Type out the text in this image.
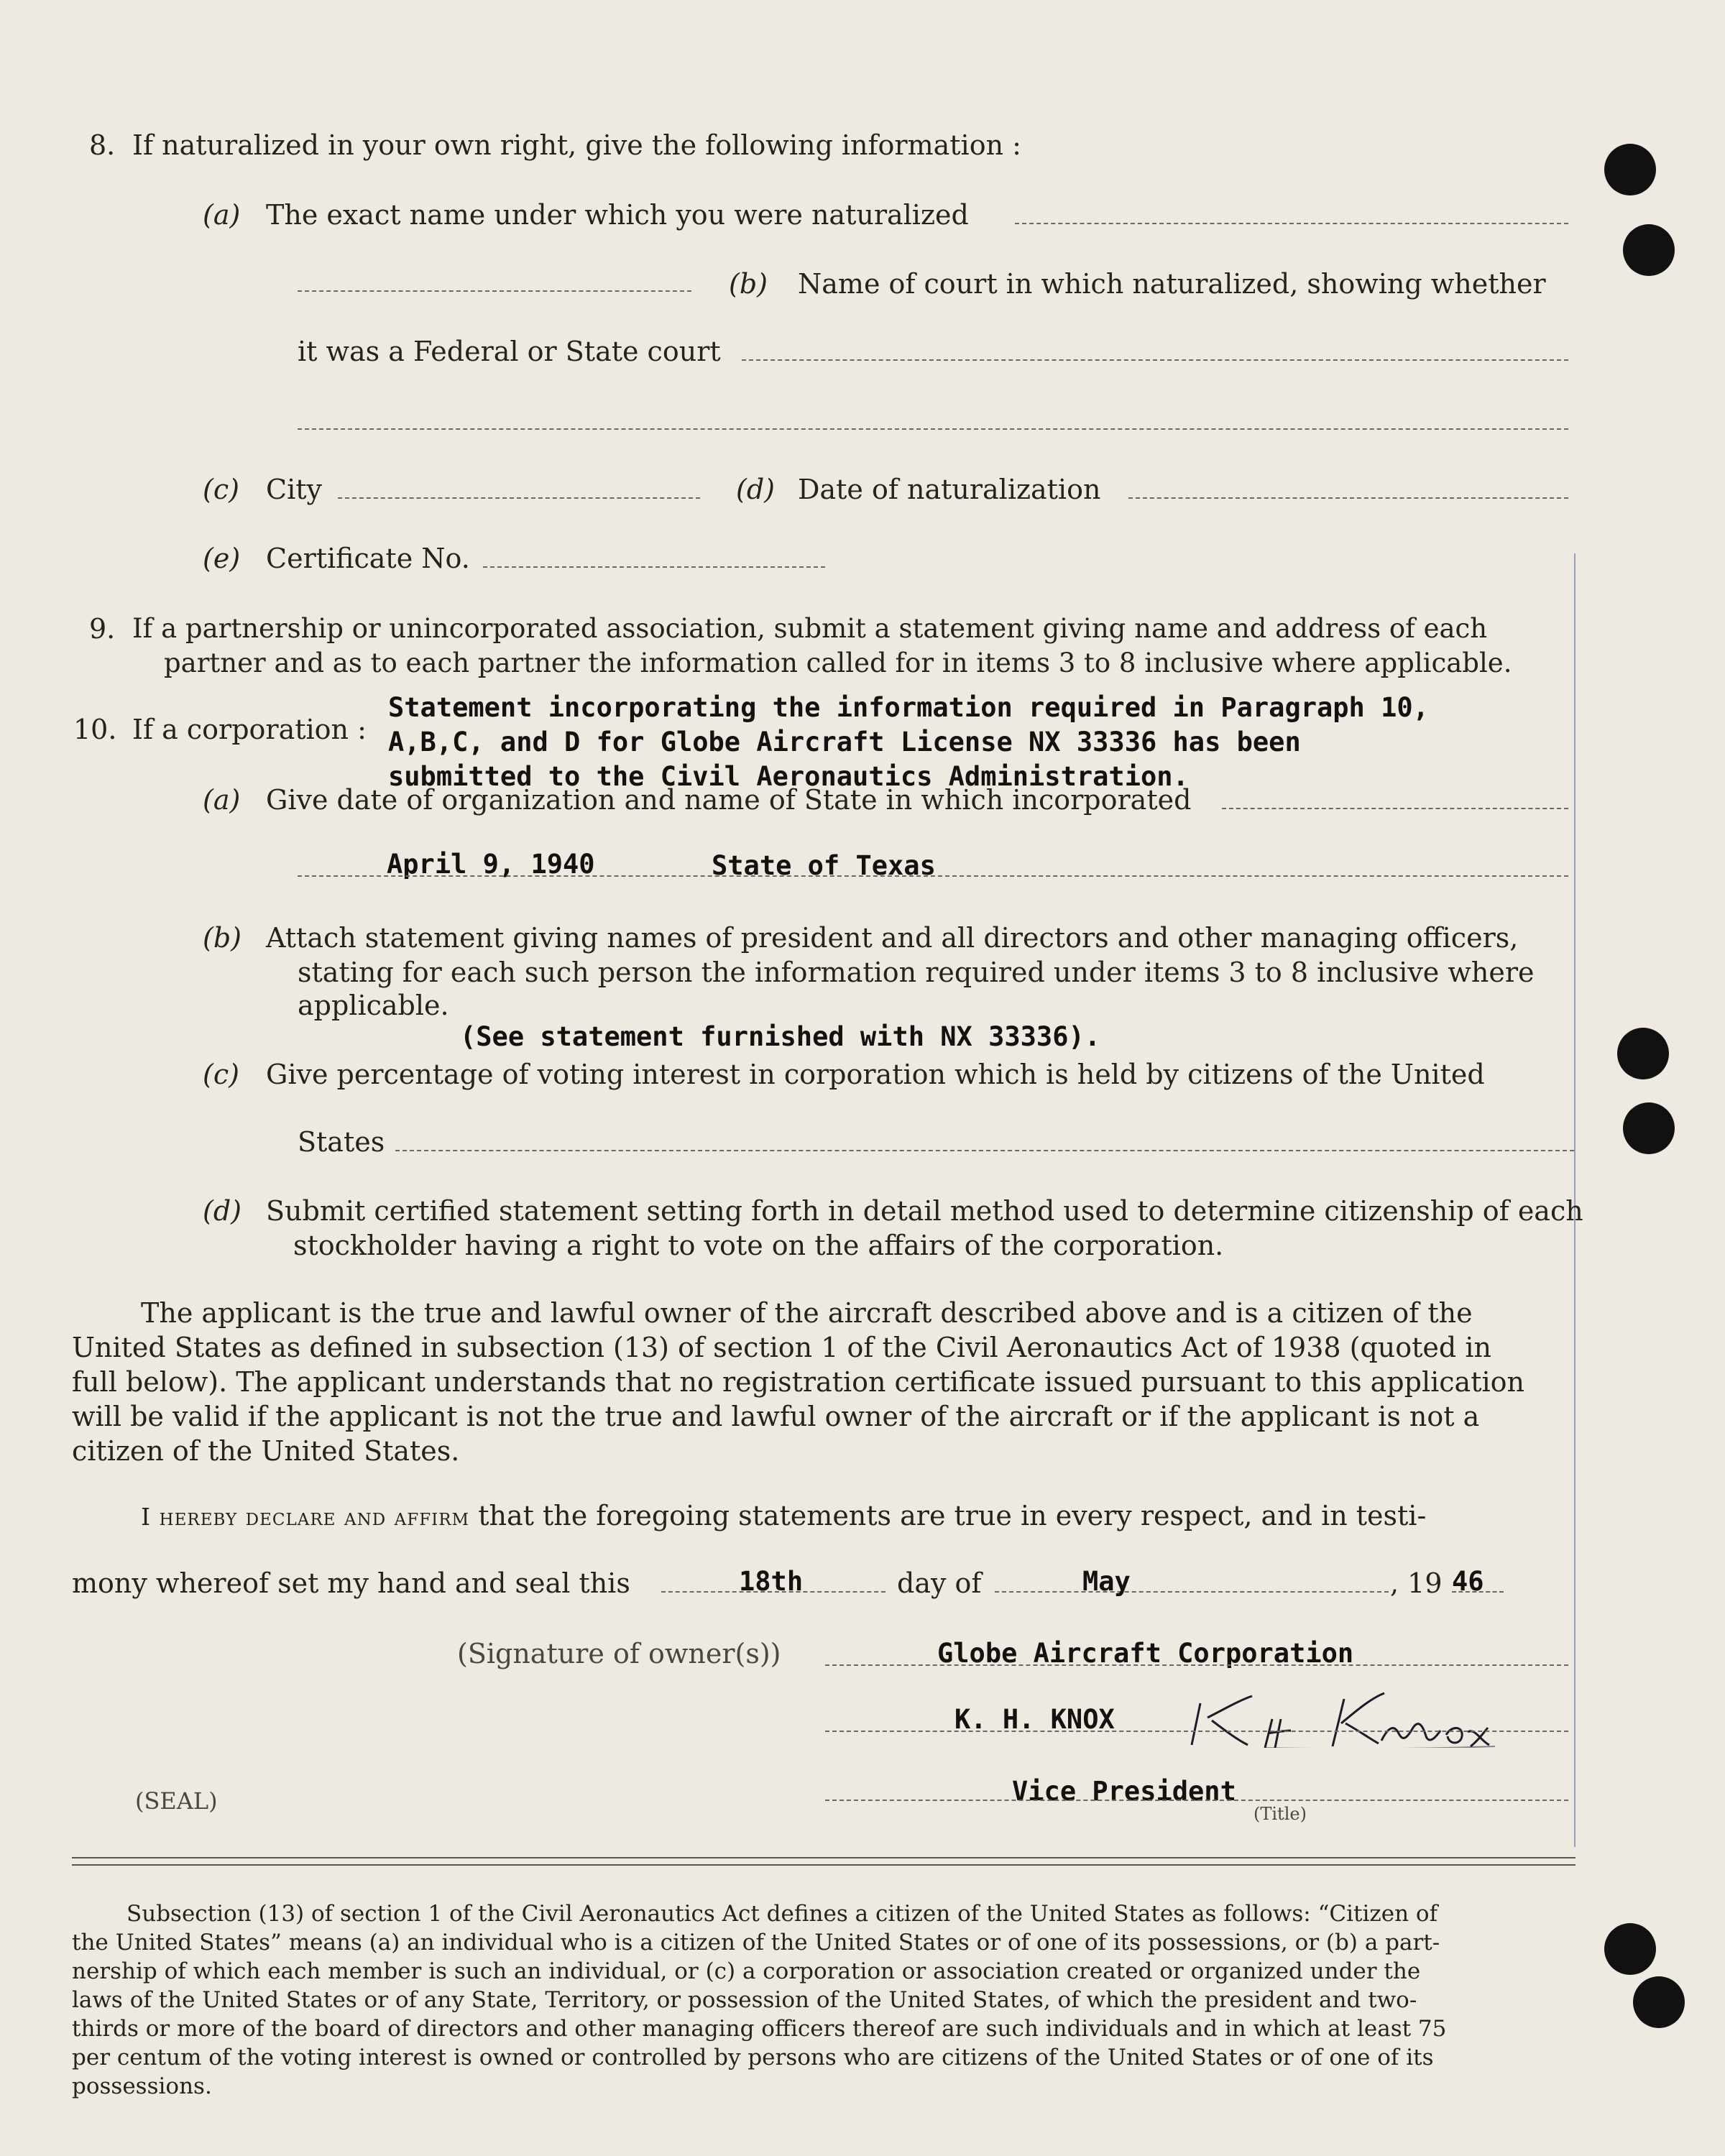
8. If naturalized in your own right, give the following information :
(a) The exact name under which you were naturalized
(b) Name of court in which naturalized, showing whether
it was a Federal or State court
(c) City	(d) Date of naturalization
(e) Certificate No.
9. If a partnership or unincorporated association, submit a statement giving name and address of each
partner and as to each partner the information called for in items 3 to 8 inclusive where applicable.
10. If a corporation :
Statement incorporating the information required in Paragraph 10,
A,B,C, and D for Globe Aircraft License NX 33336 has been
submitted to the Civil Aeronautics Administration.
(a) Give date of organization and name of State in which incorporated
April 9, 1940	State of Texas
(b) Attach statement giving names of president and all directors and other managing officers,
stating for each such person the information required under items 3 to 8 inclusive where
applicable.
(See statement furnished with NX 33336).
(c) Give percentage of voting interest in corporation which is held by citizens of the United
States
(d) Submit certified statement setting forth in detail method used to determine citizenship of each
stockholder having a right to vote on the affairs of the corporation.
The applicant is the true and lawful owner of the aircraft described above and is a citizen of the
United States as defined in subsection (13) of section 1 of the Civil Aeronautics Act of 1938 (quoted in
full below). The applicant understands that no registration certificate issued pursuant to this application
will be valid if the applicant is not the true and lawful owner of the aircraft or if the applicant is not a
citizen of the United States.
I hereby declare and affirm that the foregoing statements are true in every respect, and in testi-
mony whereof set my hand and seal this	18th	day of	May	, 19 46
(Signature of owner(s))	Globe Aircraft Corporation
K. H. KNOX
(SEAL)	Vice President
(Title)
Subsection (13) of section 1 of the Civil Aeronautics Act defines a citizen of the United States as follows: “Citizen of
the United States” means (a) an individual who is a citizen of the United States or of one of its possessions, or (b) a part-
nership of which each member is such an individual, or (c) a corporation or association created or organized under the
laws of the United States or of any State, Territory, or possession of the United States, of which the president and two-
thirds or more of the board of directors and other managing officers thereof are such individuals and in which at least 75
per centum of the voting interest is owned or controlled by persons who are citizens of the United States or of one of its
possessions.
